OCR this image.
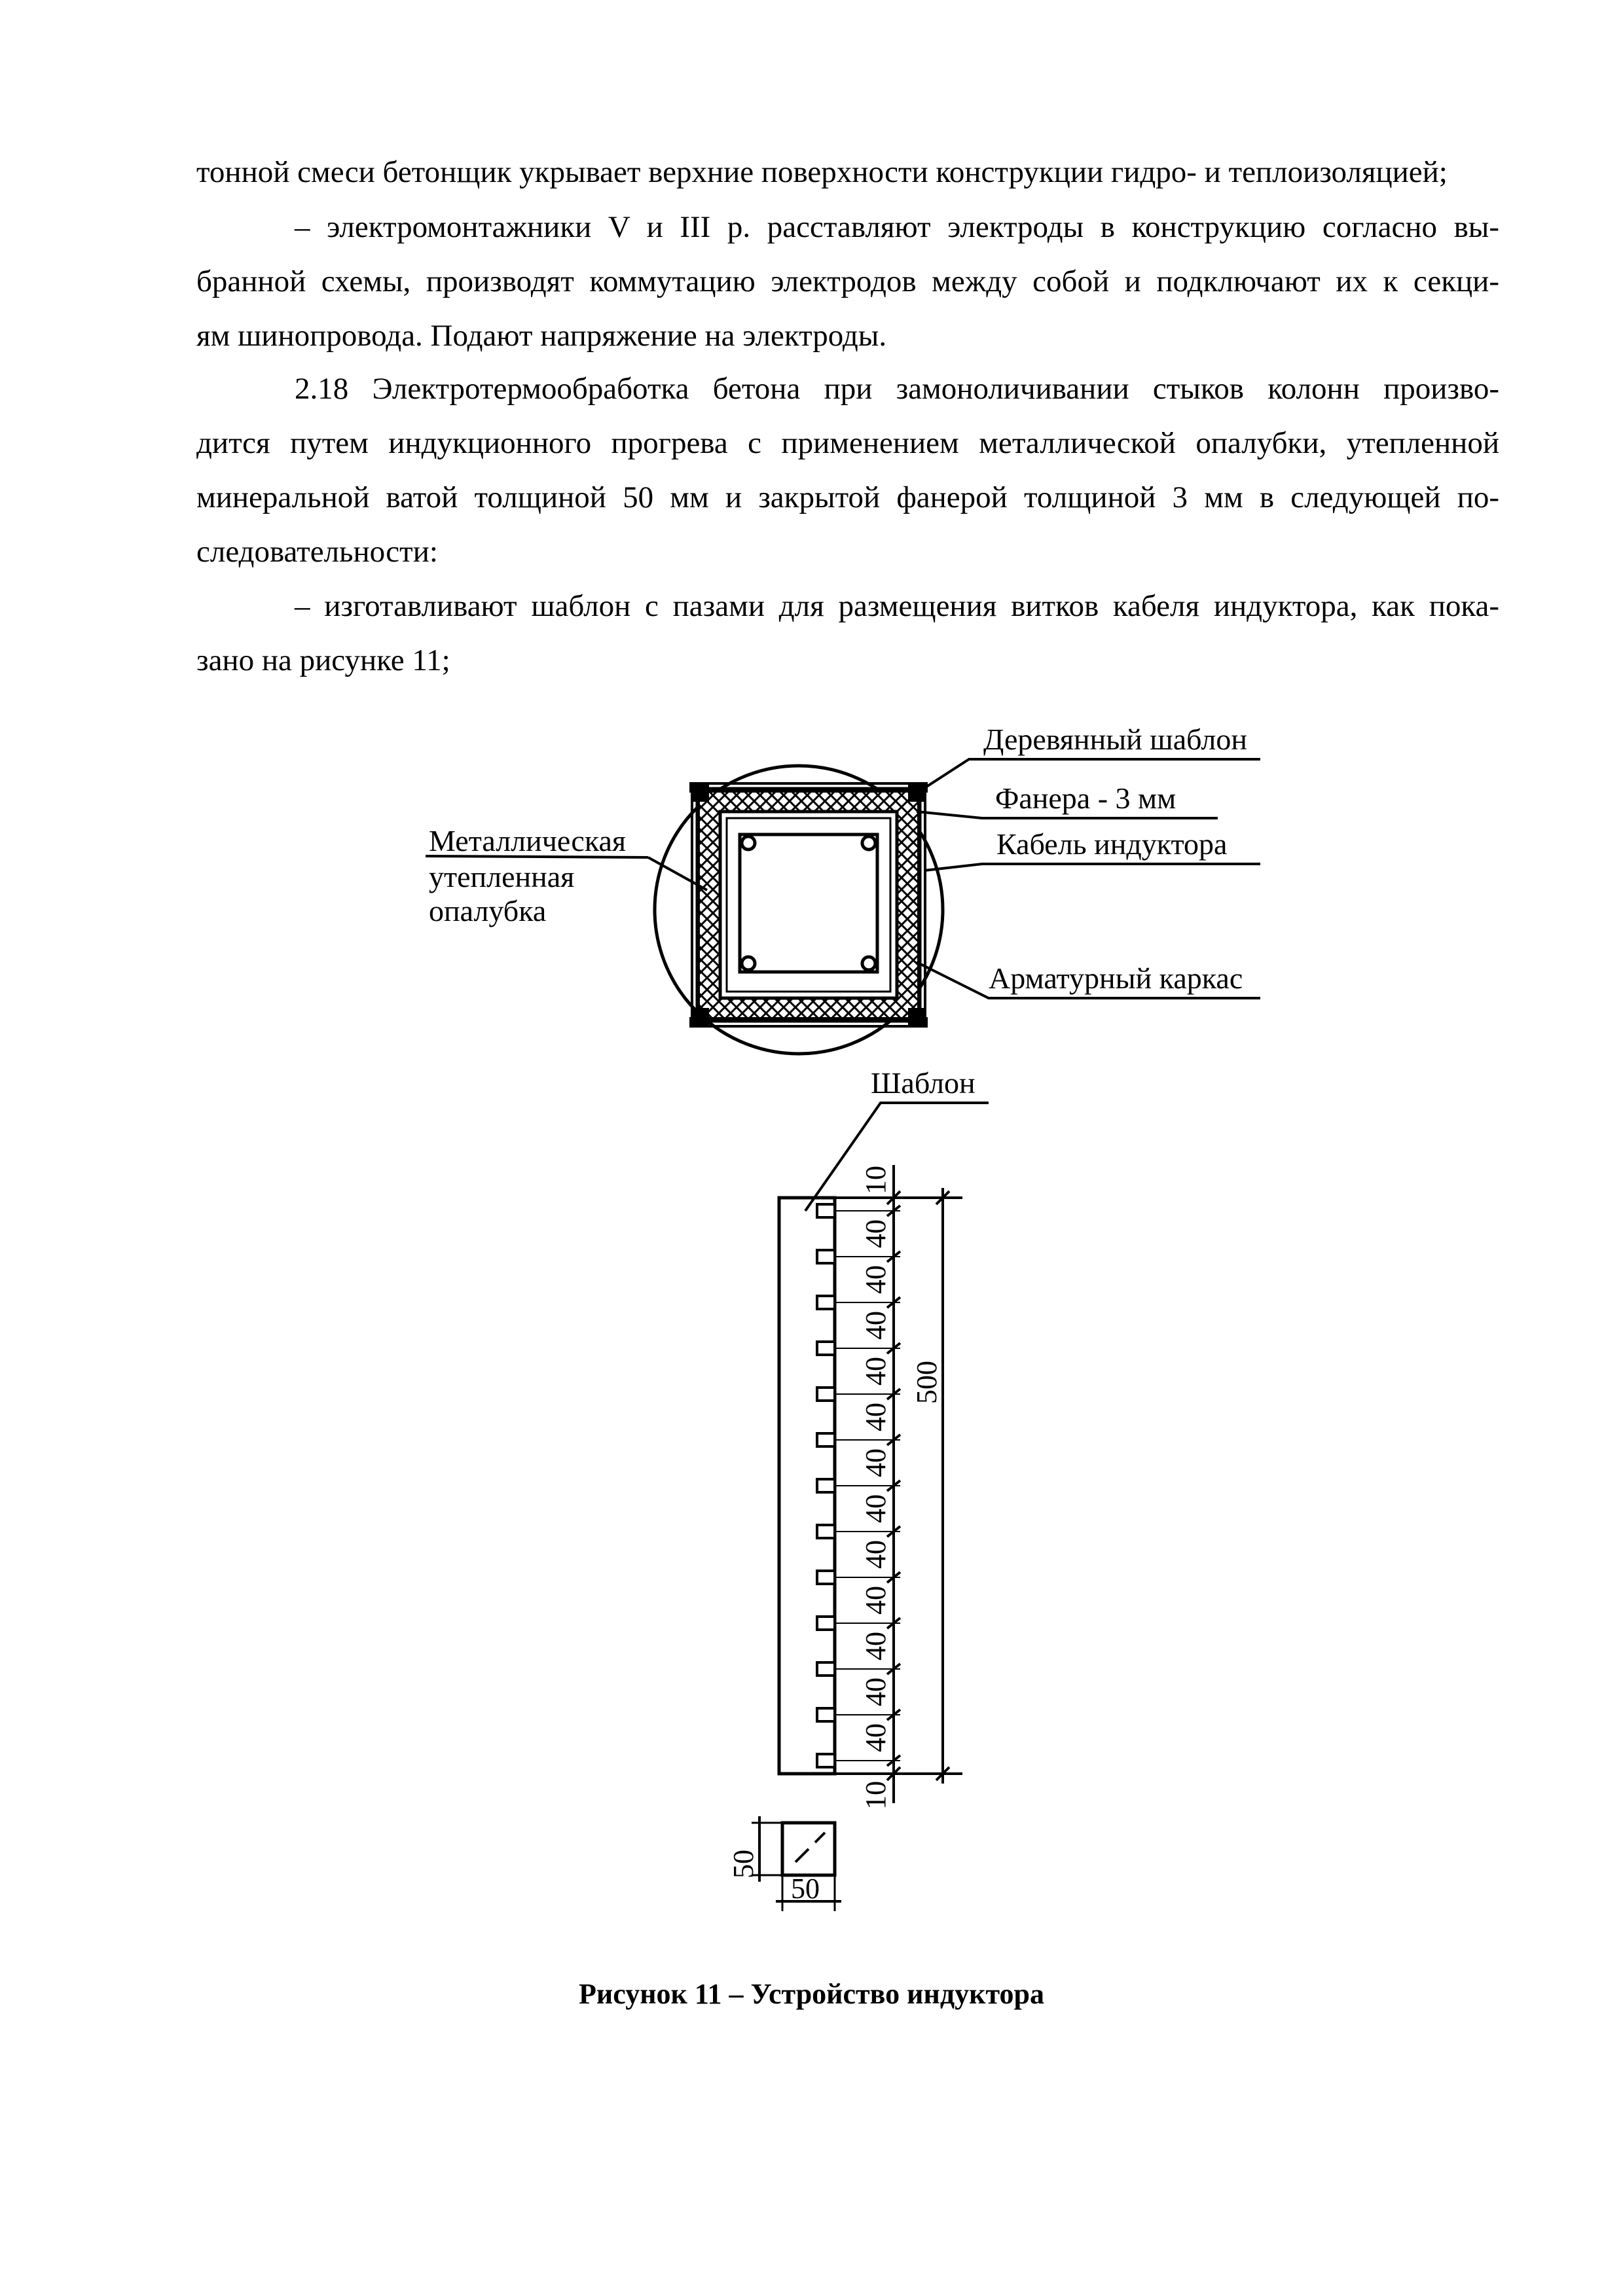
тонной смеси бетонщик укрывает верхние поверхности конструкции гидро- и теплоизоляцией;

– электромонтажники V и III р. расставляют электроды в конструкцию согласно вы-
бранной схемы, производят коммутацию электродов между собой и подключают их к секци-
ям шинопровода. Подают напряжение на электроды.

2.18 Электротермообработка бетона при замоноличивании стыков колонн произво-
дится путем индукционного прогрева с применением металлической опалубки, утепленной
минеральной ватой толщиной 50 мм и закрытой фанерой толщиной 3 мм в следующей по-
следовательности:

– изготавливают шаблон с пазами для размещения витков кабеля индуктора, как пока-
зано на рисунке 11;

Деревянный шаблон
Фанера - 3 мм
Кабель индуктора
Металлическая
утепленная
опалубка
Арматурный каркас
Шаблон
40
40
40
40
40
40
40
40
40
40
40
40
10
10
500
50
50
Рисунок 11 – Устройство индуктора
